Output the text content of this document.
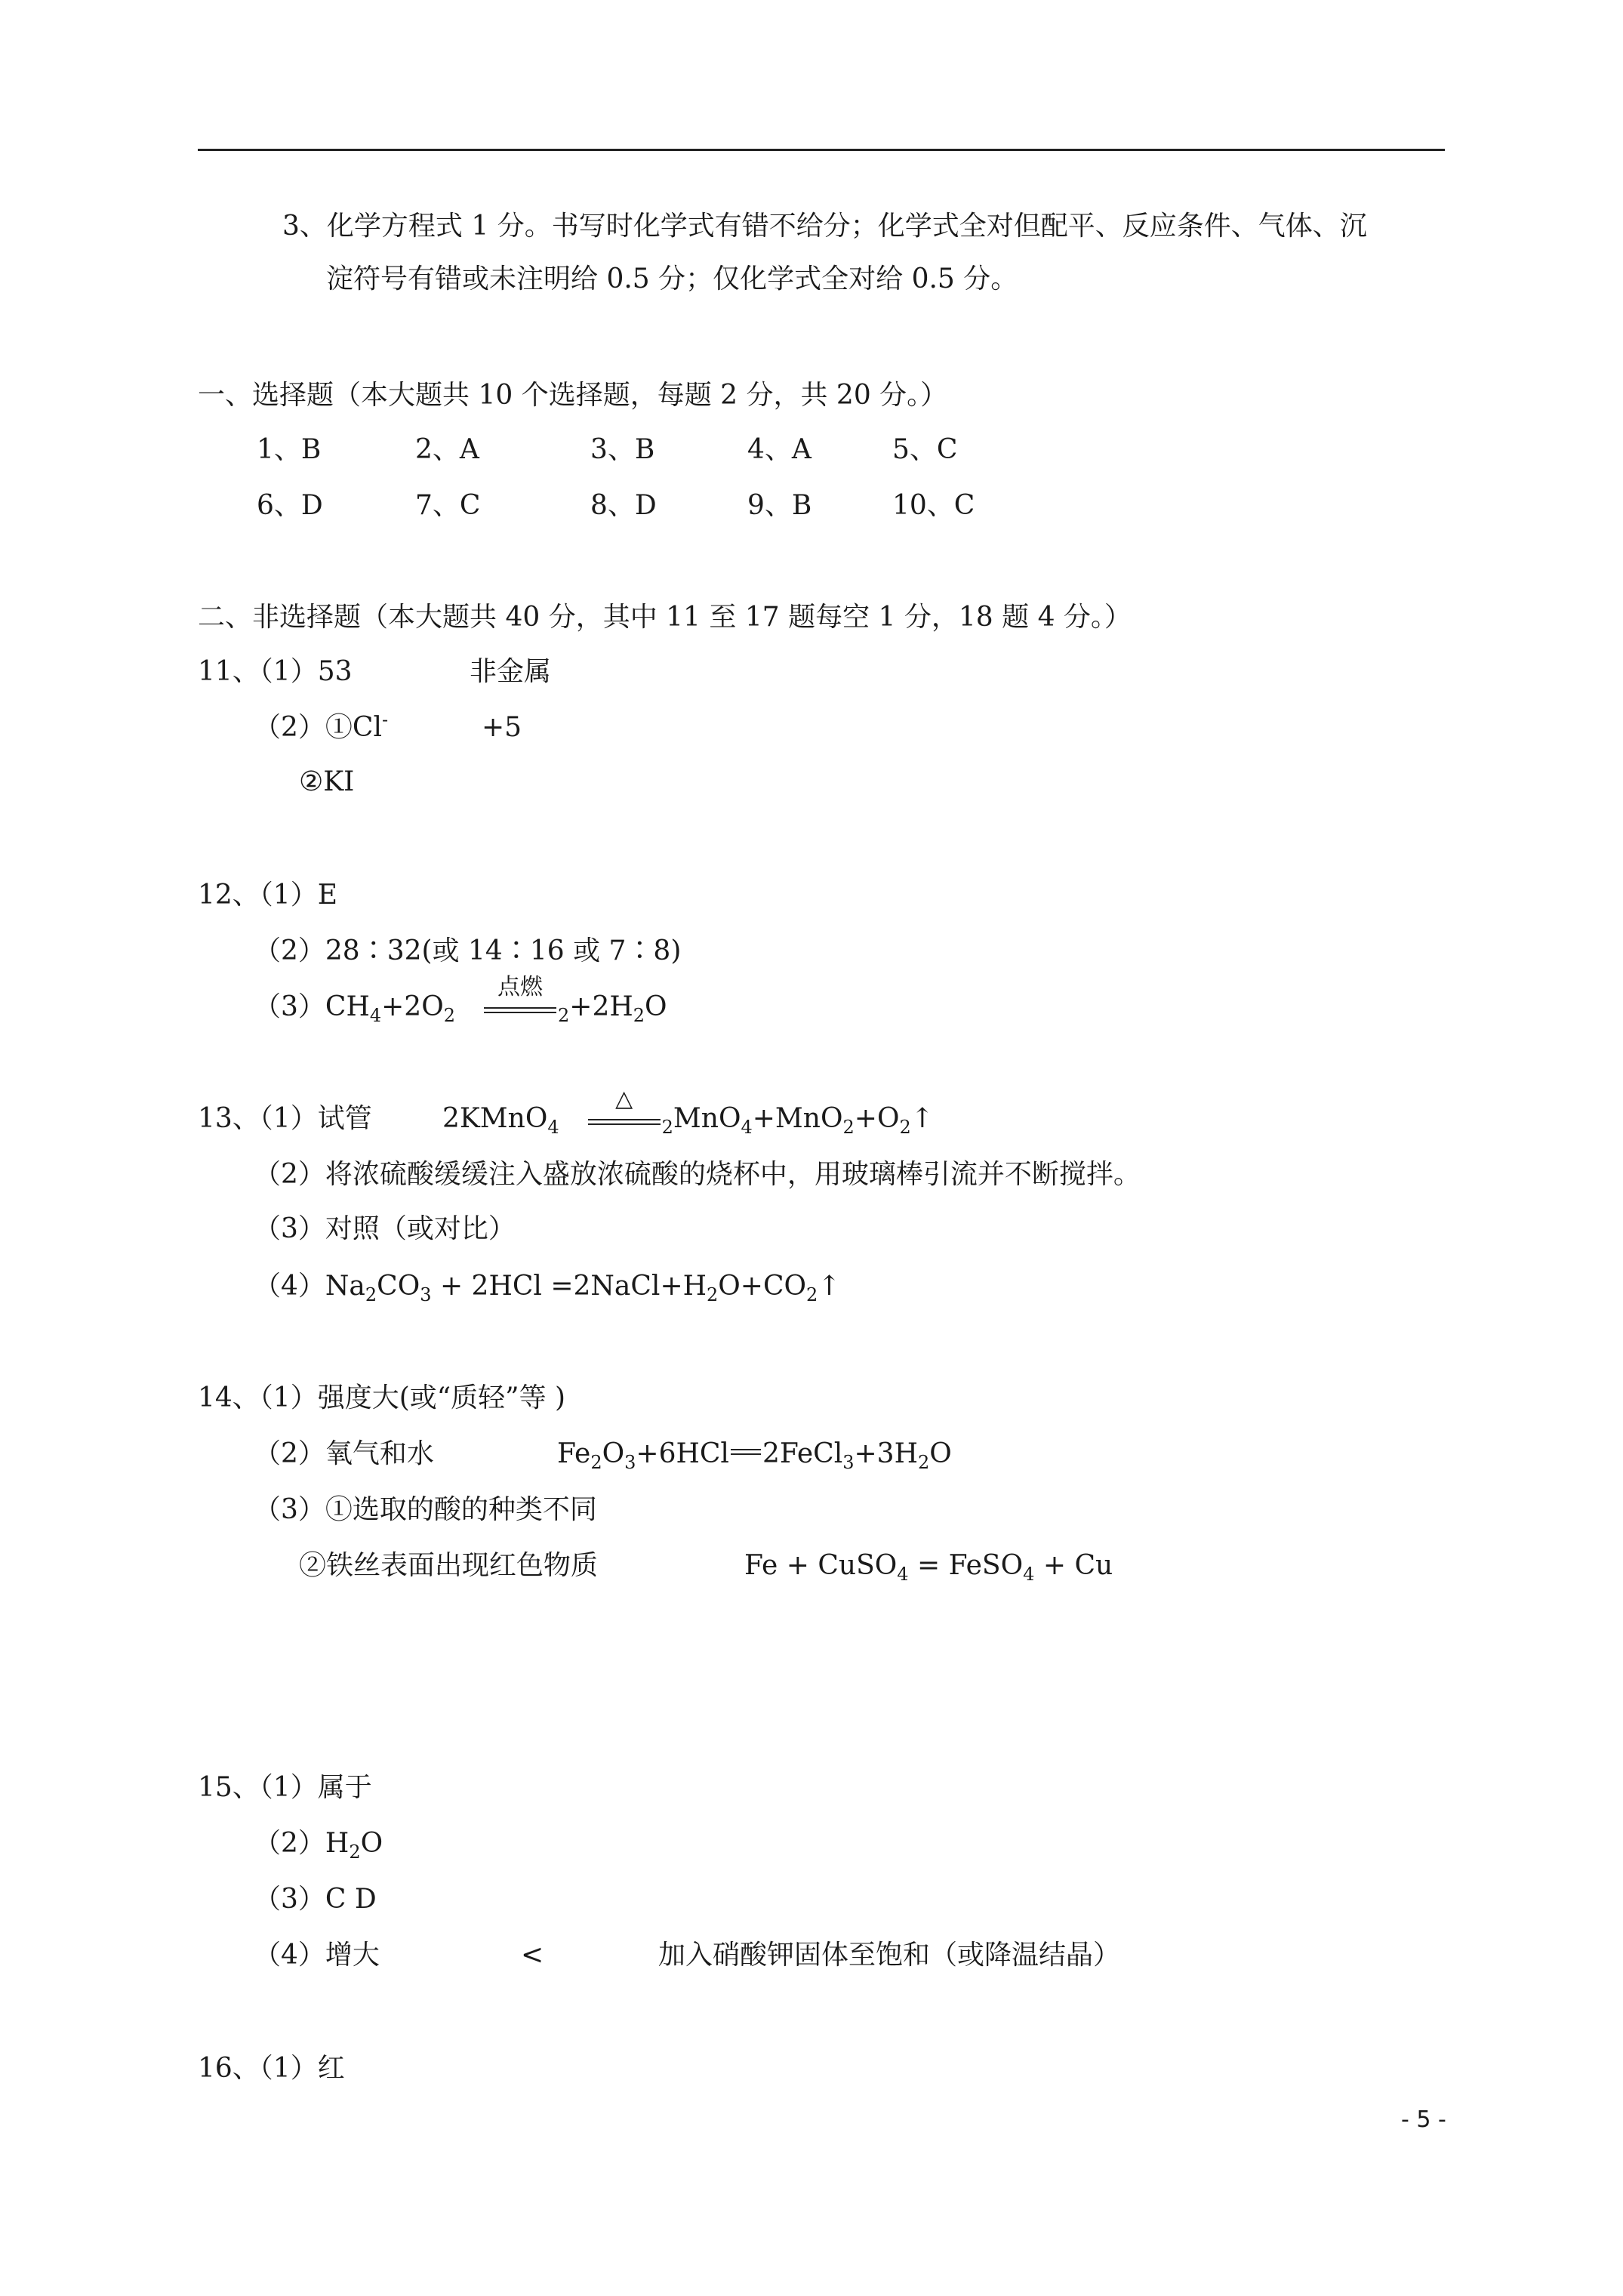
3、化学方程式 1 分。书写时化学式有错不给分；化学式全对但配平、反应条件、气体、沉
淀符号有错或未注明给 0.5 分；仅化学式全对给 0.5 分。
一、选择题（本大题共 10 个选择题，每题 2 分，共 20 分。）
1、B	2、A	3、B	4、A	5、C
6、D	7、C	8、D	9、B	10、C
二、非选择题（本大题共 40 分，其中 11 至 17 题每空 1 分，18 题 4 分。）
11、（1）53	非金属
（2）①Cl-	+5
②KI
12、（1）E
（2）28∶32(或 14∶16 或 7∶8)
$(3)CH_4+2O_2$
点燃
$_2+2H_2O$
13、（1）试管	2KMnO$_4$
△
$_2MnO_4+MnO_2+O_2↑$
（2）将浓硫酸缓缓注入盛放浓硫酸的烧杯中，用玻璃棒引流并不断搅拌。
（3）对照（或对比）
$(4)Na_2CO_3 + 2HCl$ $=2NaCl+H_2O+CO_2↑$
14、（1）强度大(或“质轻”等 )
（2）氧气和水	$Fe_2O_3+6HCl$ $2FeCl_3+3H_2O$
（3）①选取的酸的种类不同
②铁丝表面出现红色物质	Fe + CuSO$_4$ = FeSO$_4$ + Cu
15、（1）属于
$(2)H_2O$
（3）C D
（4）增大	<	加入硝酸钾固体至饱和（或降温结晶）
16、（1）红
- 5 -
